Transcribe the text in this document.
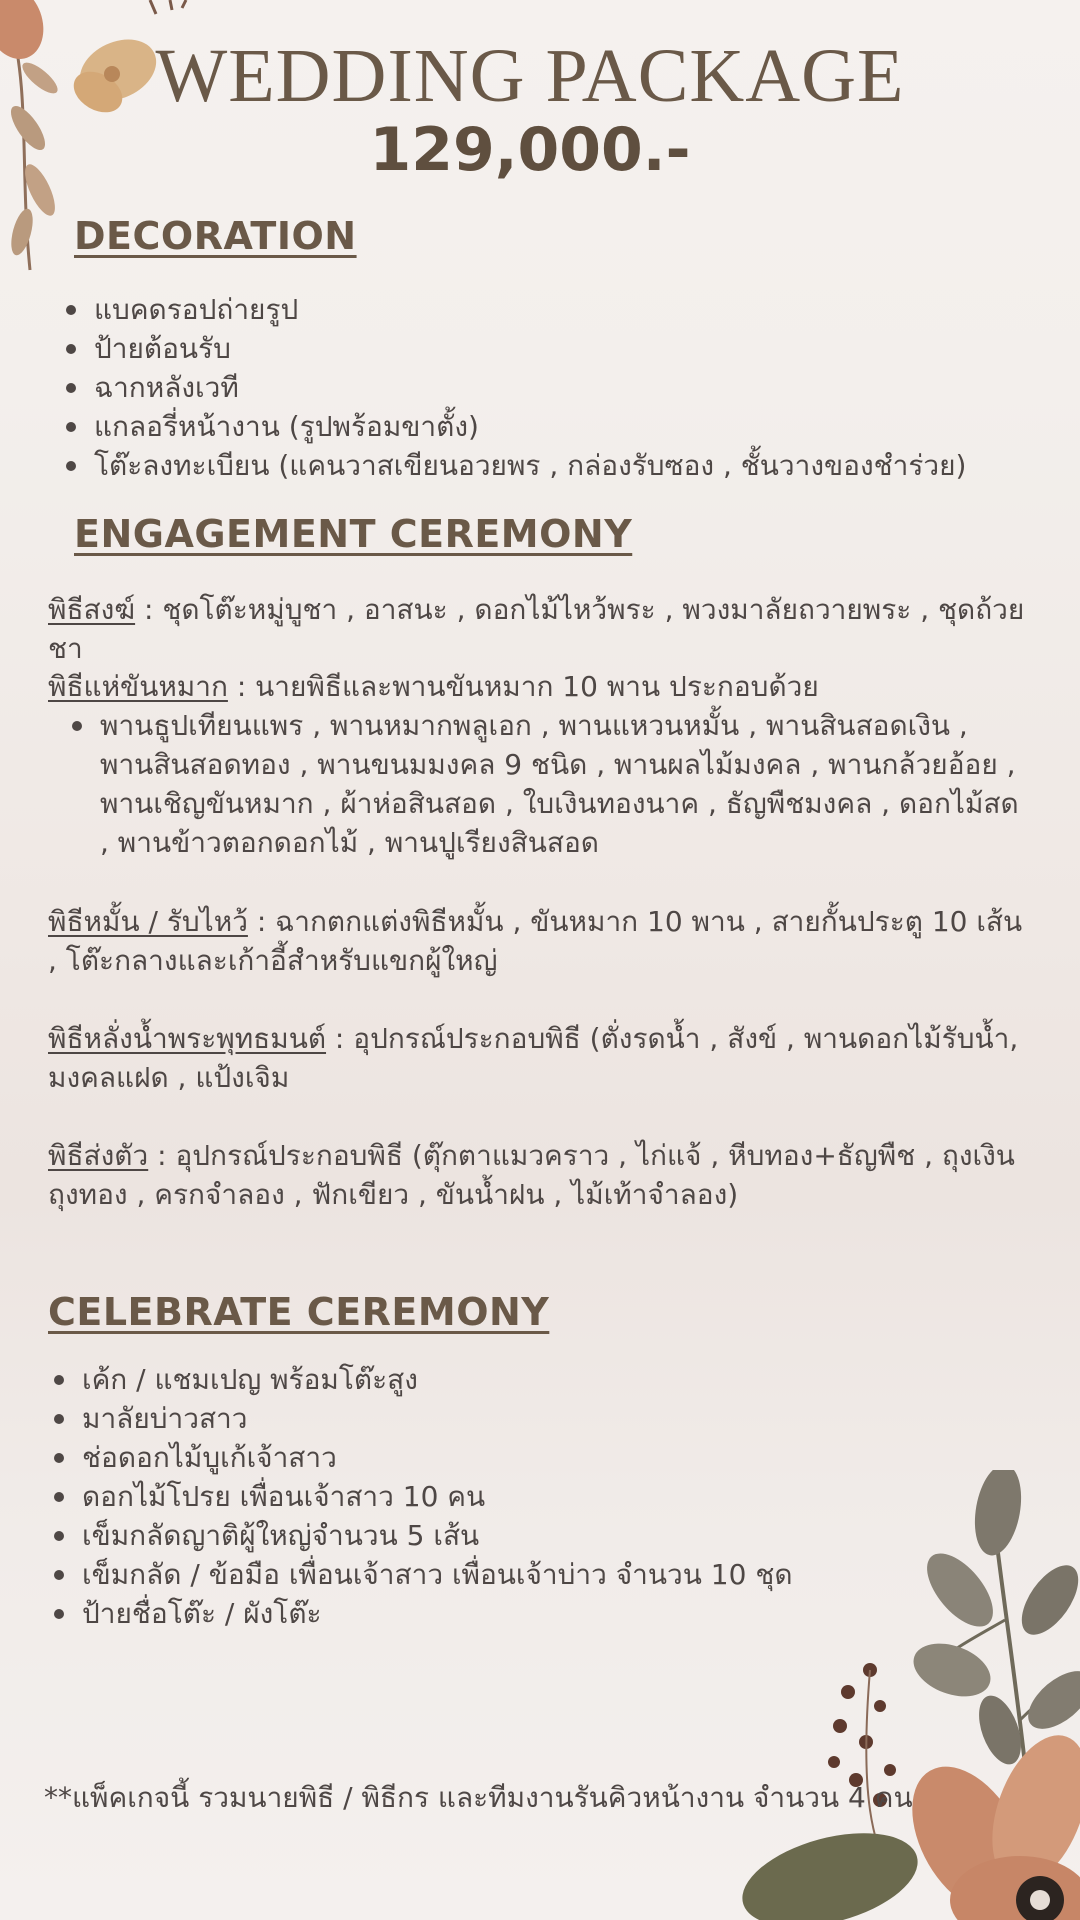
WEDDING PACKAGE
129,000.-
DECORATION
แบคดรอปถ่ายรูป
ป้ายต้อนรับ
ฉากหลังเวที
แกลอรี่หน้างาน (รูปพร้อมขาตั้ง)
โต๊ะลงทะเบียน (แคนวาสเขียนอวยพร , กล่องรับซอง , ชั้นวางของชำร่วย)
ENGAGEMENT CEREMONY

พิธีสงฆ์ : ชุดโต๊ะหมู่บูชา , อาสนะ , ดอกไม้ไหว้พระ , พวงมาลัยถวายพระ , ชุดถ้วยชา

พิธีแห่ขันหมาก : นายพิธีและพานขันหมาก 10 พาน ประกอบด้วย

พานธูปเทียนแพร , พานหมากพลูเอก , พานแหวนหมั้น , พานสินสอดเงิน , พานสินสอดทอง , พานขนมมงคล 9 ชนิด , พานผลไม้มงคล , พานกล้วยอ้อย , พานเชิญขันหมาก , ผ้าห่อสินสอด , ใบเงินทองนาค , ธัญพืชมงคล , ดอกไม้สด , พานข้าวตอกดอกไม้ , พานปูเรียงสินสอด

พิธีหมั้น / รับไหว้ : ฉากตกแต่งพิธีหมั้น , ขันหมาก 10 พาน , สายกั้นประตู 10 เส้น , โต๊ะกลางและเก้าอี้สำหรับแขกผู้ใหญ่

พิธีหลั่งน้ำพระพุทธมนต์ : อุปกรณ์ประกอบพิธี (ตั่งรดน้ำ , สังข์ , พานดอกไม้รับน้ำ, มงคลแฝด , แป้งเจิม

พิธีส่งตัว : อุปกรณ์ประกอบพิธี (ตุ๊กตาแมวคราว , ไก่แจ้ , หีบทอง+ธัญพืช , ถุงเงินถุงทอง , ครกจำลอง , ฟักเขียว , ขันน้ำฝน , ไม้เท้าจำลอง)

CELEBRATE CEREMONY
เค้ก / แชมเปญ พร้อมโต๊ะสูง
มาลัยบ่าวสาว
ช่อดอกไม้บูเก้เจ้าสาว
ดอกไม้โปรย เพื่อนเจ้าสาว 10 คน
เข็มกลัดญาติผู้ใหญ่จำนวน 5 เส้น
เข็มกลัด / ข้อมือ เพื่อนเจ้าสาว เพื่อนเจ้าบ่าว จำนวน 10 ชุด
ป้ายชื่อโต๊ะ / ผังโต๊ะ
**แพ็คเกจนี้ รวมนายพิธี / พิธีกร และทีมงานรันคิวหน้างาน จำนวน 4 คน
